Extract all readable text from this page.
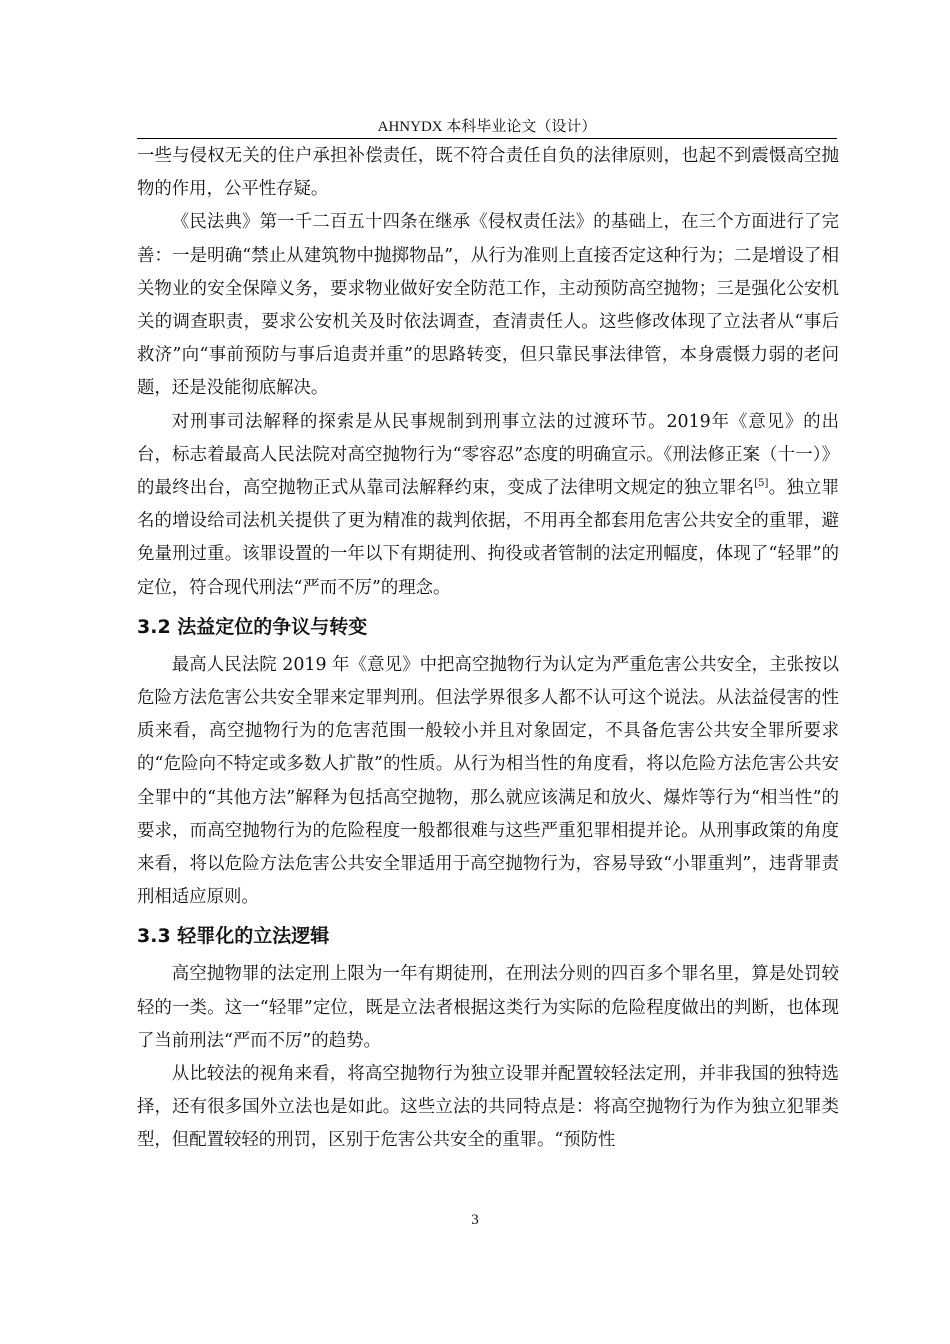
AHNYDX 本科毕业论文（设计）

一些与侵权无关的住户承担补偿责任，既不符合责任自负的法律原则，也起不到震慑高空抛物的作用，公平性存疑。

《民法典》第一千二百五十四条在继承《侵权责任法》的基础上，在三个方面进行了完善：一是明确“禁止从建筑物中抛掷物品”，从行为准则上直接否定这种行为；二是增设了相关物业的安全保障义务，要求物业做好安全防范工作，主动预防高空抛物；三是强化公安机关的调查职责，要求公安机关及时依法调查，查清责任人。这些修改体现了立法者从“事后救济”向“事前预防与事后追责并重”的思路转变，但只靠民事法律管，本身震慑力弱的老问题，还是没能彻底解决。

对刑事司法解释的探索是从民事规制到刑事立法的过渡环节。2019年《意见》的出台，标志着最高人民法院对高空抛物行为“零容忍”态度的明确宣示。《刑法修正案（十一）》的最终出台，高空抛物正式从靠司法解释约束，变成了法律明文规定的独立罪名[5]。独立罪名的增设给司法机关提供了更为精准的裁判依据，不用再全都套用危害公共安全的重罪，避免量刑过重。该罪设置的一年以下有期徒刑、拘役或者管制的法定刑幅度，体现了“轻罪”的定位，符合现代刑法“严而不厉”的理念。

3.2 法益定位的争议与转变

最高人民法院 2019 年《意见》中把高空抛物行为认定为严重危害公共安全，主张按以危险方法危害公共安全罪来定罪判刑。但法学界很多人都不认可这个说法。从法益侵害的性质来看，高空抛物行为的危害范围一般较小并且对象固定，不具备危害公共安全罪所要求的“危险向不特定或多数人扩散”的性质。从行为相当性的角度看，将以危险方法危害公共安全罪中的“其他方法”解释为包括高空抛物，那么就应该满足和放火、爆炸等行为“相当性”的要求，而高空抛物行为的危险程度一般都很难与这些严重犯罪相提并论。从刑事政策的角度来看，将以危险方法危害公共安全罪适用于高空抛物行为，容易导致“小罪重判”，违背罪责刑相适应原则。

3.3 轻罪化的立法逻辑

高空抛物罪的法定刑上限为一年有期徒刑，在刑法分则的四百多个罪名里，算是处罚较轻的一类。这一“轻罪”定位，既是立法者根据这类行为实际的危险程度做出的判断，也体现了当前刑法“严而不厉”的趋势。

从比较法的视角来看，将高空抛物行为独立设罪并配置较轻法定刑，并非我国的独特选择，还有很多国外立法也是如此。这些立法的共同特点是：将高空抛物行为作为独立犯罪类型，但配置较轻的刑罚，区别于危害公共安全的重罪。“预防性

3
